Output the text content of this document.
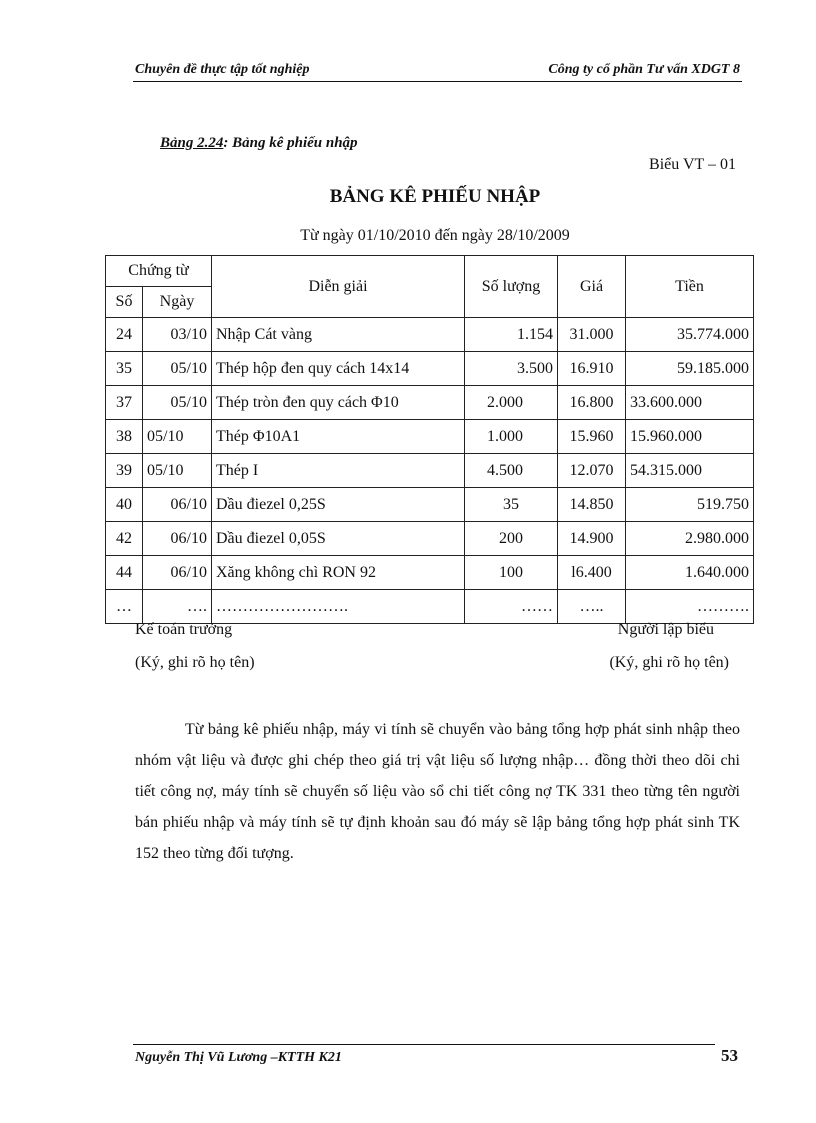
Chuyên đề thực tập tốt nghiệp	Công ty cổ phần Tư vấn XDGT 8
Bảng 2.24: Bảng kê phiếu nhập
Biểu VT – 01
BẢNG KÊ PHIẾU NHẬP
Từ ngày 01/10/2010 đến ngày 28/10/2009
Chứng từ		Diễn giải	Số lượng	Giá	Tiền
Số	Ngày				
24	03/10	Nhập Cát vàng	1.154	31.000	35.774.000
35	05/10	Thép hộp đen quy cách 14x14	3.500	16.910	59.185.000
37	05/10	Thép tròn đen quy cách Φ10	2.000	16.800	33.600.000
38	05/10	Thép Φ10A1	1.000	15.960	15.960.000
39	05/10	Thép I	4.500	12.070	54.315.000
40	06/10	Dầu điezel 0,25S	35	14.850	519.750
42	06/10	Dầu điezel 0,05S	200	14.900	2.980.000
44	06/10	Xăng không chì RON 92	100	l6.400	1.640.000
…	….	…………………….	……	…..	……….
Kế toán trưởng
(Ký, ghi rõ họ tên)
Người lập biểu
(Ký, ghi rõ họ tên)

Từ bảng kê phiếu nhập, máy vi tính sẽ chuyển vào bảng tổng hợp phát sinh nhập theo nhóm vật liệu và được ghi chép theo giá trị vật liệu số lượng nhập… đồng thời theo dõi chi tiết công nợ, máy tính sẽ chuyển số liệu vào sổ chi tiết công nợ TK 331 theo từng tên người bán phiếu nhập và máy tính sẽ tự định khoản sau đó máy sẽ lập bảng tổng hợp phát sinh TK 152 theo từng đối tượng.

Nguyễn Thị Vũ Lương –KTTH K21	53
